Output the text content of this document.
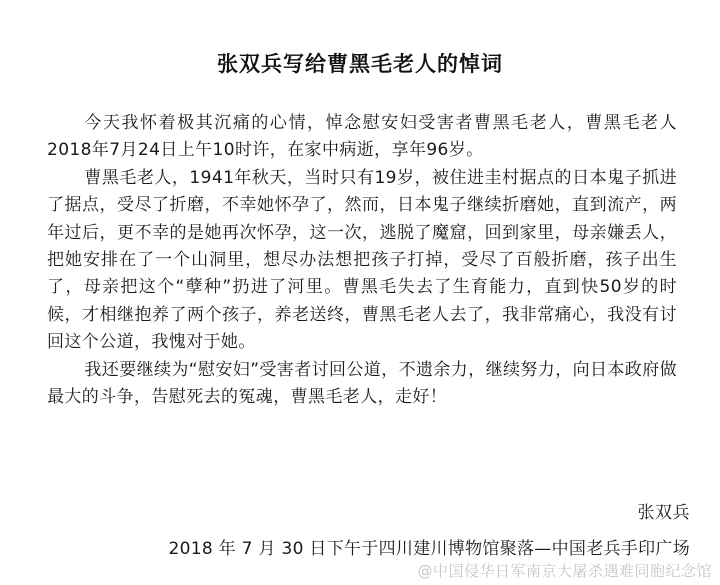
张双兵写给曹黑毛老人的悼词

今天我怀着极其沉痛的心情，悼念慰安妇受害者曹黑毛老人，曹黑毛老人2018年7月24日上午10时许，在家中病逝，享年96岁。

曹黑毛老人，1941年秋天，当时只有19岁，被住进圭村据点的日本鬼子抓进了据点，受尽了折磨，不幸她怀孕了，然而，日本鬼子继续折磨她，直到流产，两年过后，更不幸的是她再次怀孕，这一次，逃脱了魔窟，回到家里，母亲嫌丢人，把她安排在了一个山洞里，想尽办法想把孩子打掉，受尽了百般折磨，孩子出生了，母亲把这个“孽种”扔进了河里。曹黑毛失去了生育能力，直到快50岁的时候，才相继抱养了两个孩子，养老送终，曹黑毛老人去了，我非常痛心，我没有讨回这个公道，我愧对于她。

我还要继续为“慰安妇”受害者讨回公道，不遗余力，继续努力，向日本政府做最大的斗争，告慰死去的冤魂，曹黑毛老人，走好！

张双兵
2018 年 7 月 30 日下午于四川建川博物馆聚落—中国老兵手印广场
@中国侵华日军南京大屠杀遇难同胞纪念馆
